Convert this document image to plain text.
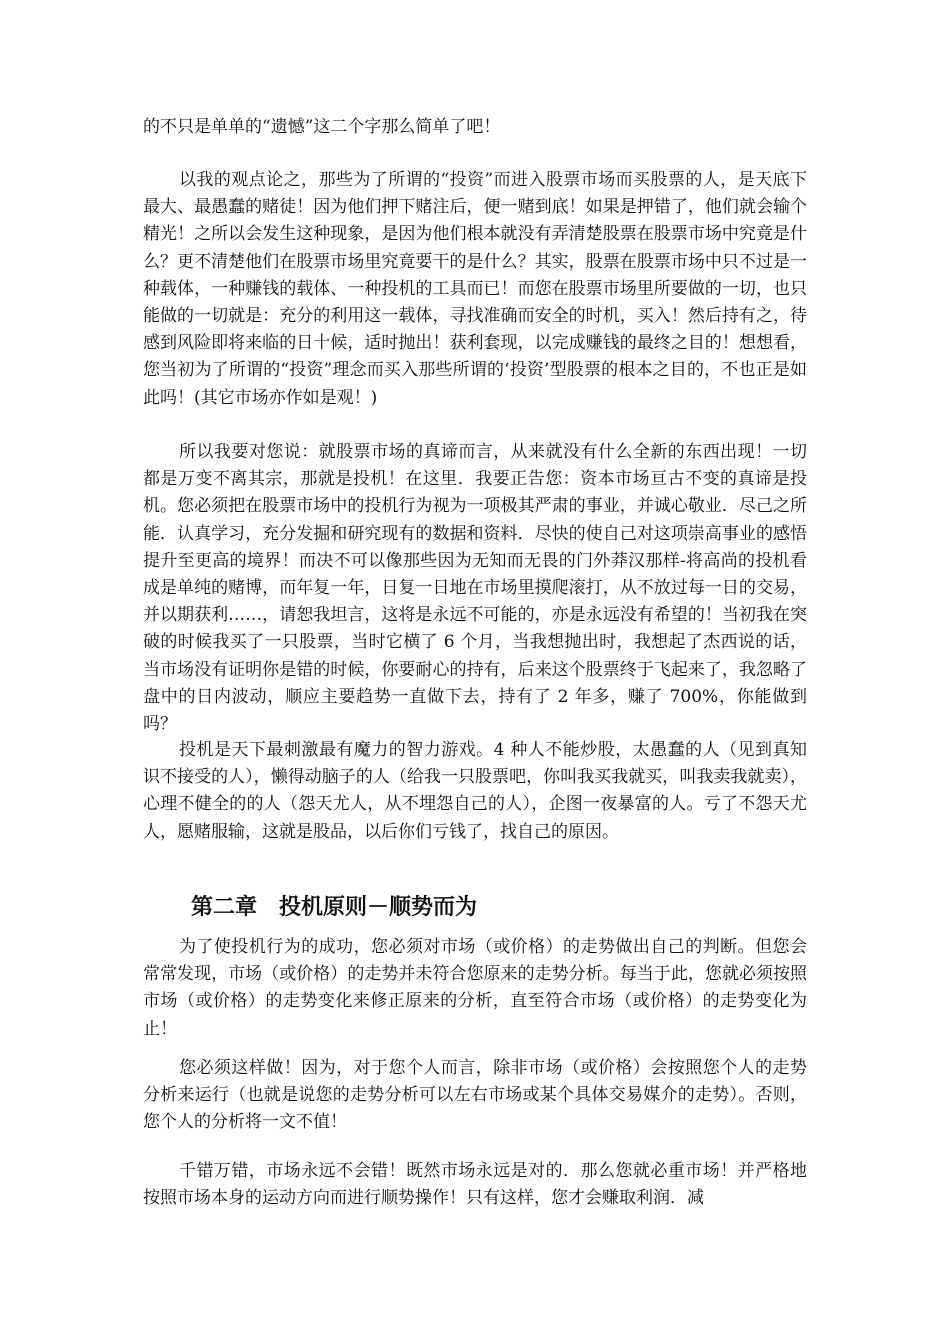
的不只是单单的“遗憾”这二个字那么简单了吧！

以我的观点论之，那些为了所谓的“投资”而进入股票市场而买股票的人，是天底下最大、最愚蠢的赌徒！因为他们押下赌注后，便一赌到底！如果是押错了，他们就会输个精光！之所以会发生这种现象，是因为他们根本就没有弄清楚股票在股票市场中究竟是什么？更不清楚他们在股票市场里究竟要干的是什么？其实，股票在股票市场中只不过是一种载体，一种赚钱的载体、一种投机的工具而已！而您在股票市场里所要做的一切，也只能做的一切就是：充分的利用这一载体，寻找准确而安全的时机，买入！然后持有之，待感到风险即将来临的日十候，适时抛出！获利套现，以完成赚钱的最终之目的！想想看，您当初为了所谓的“投资”理念而买入那些所谓的‘投资’型股票的根本之目的，不也正是如此吗！(其它市场亦作如是观！)

所以我要对您说：就股票市场的真谛而言，从来就没有什么全新的东西出现！一切都是万变不离其宗，那就是投机！在这里．我要正告您：资本市场亘古不变的真谛是投机。您必须把在股票市场中的投机行为视为一项极其严肃的事业，并诚心敬业．尽己之所能．认真学习，充分发掘和研究现有的数据和资料．尽快的使自己对这项崇高事业的感悟提升至更高的境界！而决不可以像那些因为无知而无畏的门外莽汉那样-将高尚的投机看成是单纯的赌博，而年复一年，日复一日地在市场里摸爬滚打，从不放过每一日的交易，并以期获利……，请恕我坦言，这将是永远不可能的，亦是永远没有希望的！当初我在突破的时候我买了一只股票，当时它横了 6 个月，当我想抛出时，我想起了杰西说的话，当市场没有证明你是错的时候，你要耐心的持有，后来这个股票终于飞起来了，我忽略了盘中的日内波动，顺应主要趋势一直做下去，持有了 2 年多，赚了 700%，你能做到吗？

投机是天下最刺激最有魔力的智力游戏。4 种人不能炒股，太愚蠢的人（见到真知识不接受的人），懒得动脑子的人（给我一只股票吧，你叫我买我就买，叫我卖我就卖），心理不健全的的人（怨天尤人，从不埋怨自己的人），企图一夜暴富的人。亏了不怨天尤人，愿赌服输，这就是股品，以后你们亏钱了，找自己的原因。

第二章　投机原则－顺势而为

为了使投机行为的成功，您必须对市场（或价格）的走势做出自己的判断。但您会常常发现，市场（或价格）的走势并未符合您原来的走势分析。每当于此，您就必须按照市场（或价格）的走势变化来修正原来的分析，直至符合市场（或价格）的走势变化为止！

您必须这样做！因为，对于您个人而言，除非市场（或价格）会按照您个人的走势分析来运行（也就是说您的走势分析可以左右市场或某个具体交易媒介的走势）。否则，您个人的分析将一文不值！

千错万错，市场永远不会错！既然市场永远是对的．那么您就必重市场！并严格地按照市场本身的运动方向而进行顺势操作！只有这样，您才会赚取利润．减
